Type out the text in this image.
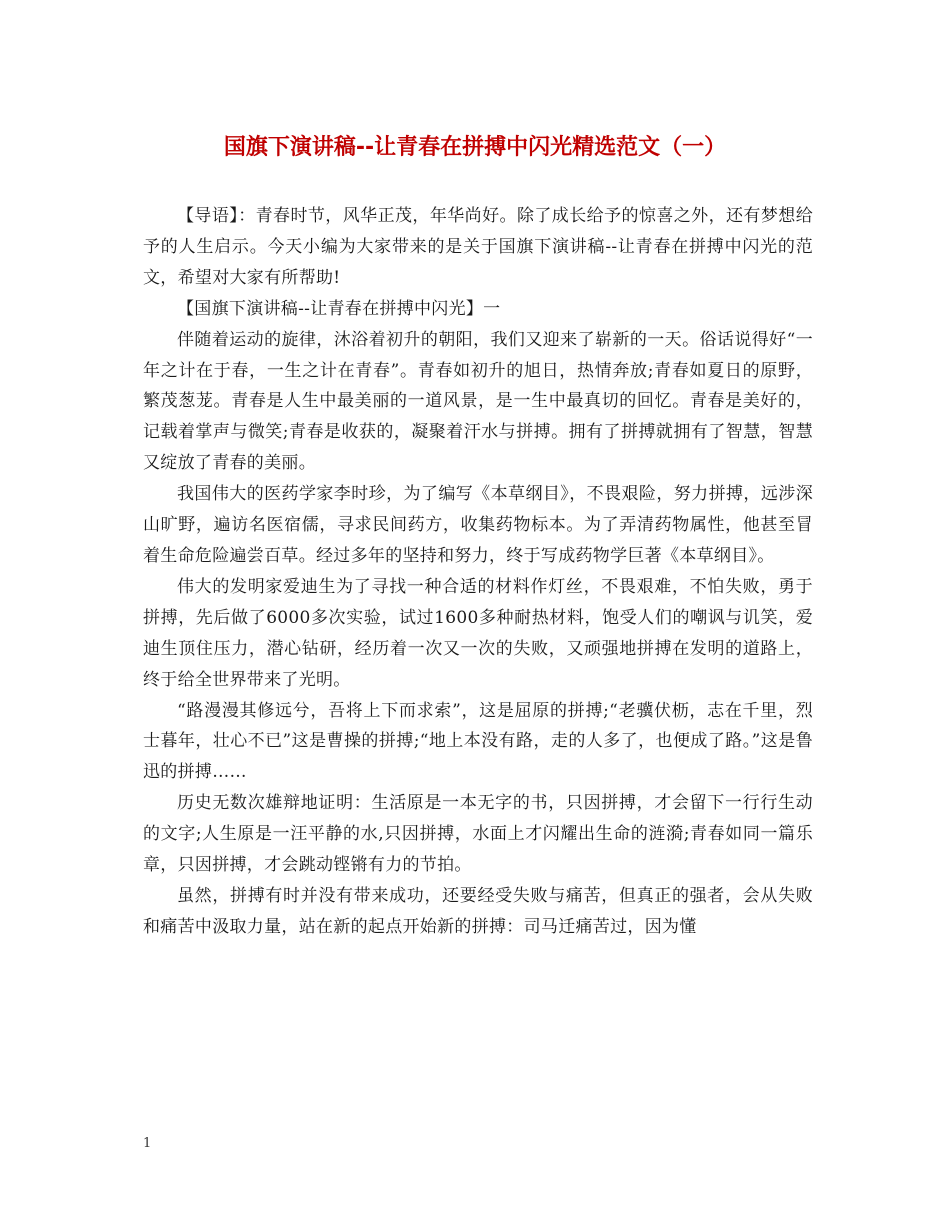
国旗下演讲稿--让青春在拼搏中闪光精选范文（一）

【导语】：青春时节，风华正茂，年华尚好。除了成长给予的惊喜之外，还有梦想给予的人生启示。今天小编为大家带来的是关于国旗下演讲稿--让青春在拼搏中闪光的范文，希望对大家有所帮助!

【国旗下演讲稿--让青春在拼搏中闪光】一

伴随着运动的旋律，沐浴着初升的朝阳，我们又迎来了崭新的一天。俗话说得好“一年之计在于春，一生之计在青春”。青春如初升的旭日，热情奔放;青春如夏日的原野，繁茂葱茏。青春是人生中最美丽的一道风景，是一生中最真切的回忆。青春是美好的，记载着掌声与微笑;青春是收获的，凝聚着汗水与拼搏。拥有了拼搏就拥有了智慧，智慧又绽放了青春的美丽。

我国伟大的医药学家李时珍，为了编写《本草纲目》，不畏艰险，努力拼搏，远涉深山旷野，遍访名医宿儒，寻求民间药方，收集药物标本。为了弄清药物属性，他甚至冒着生命危险遍尝百草。经过多年的坚持和努力，终于写成药物学巨著《本草纲目》。

伟大的发明家爱迪生为了寻找一种合适的材料作灯丝，不畏艰难，不怕失败，勇于拼搏，先后做了6000多次实验，试过1600多种耐热材料，饱受人们的嘲讽与讥笑，爱迪生顶住压力，潜心钻研，经历着一次又一次的失败，又顽强地拼搏在发明的道路上，终于给全世界带来了光明。

“路漫漫其修远兮，吾将上下而求索”，这是屈原的拼搏;“老骥伏枥，志在千里，烈士暮年，壮心不已”这是曹操的拼搏;“地上本没有路，走的人多了，也便成了路。”这是鲁迅的拼搏……

历史无数次雄辩地证明：生活原是一本无字的书，只因拼搏，才会留下一行行生动的文字;人生原是一汪平静的水,只因拼搏，水面上才闪耀出生命的涟漪;青春如同一篇乐章，只因拼搏，才会跳动铿锵有力的节拍。

虽然，拼搏有时并没有带来成功，还要经受失败与痛苦，但真正的强者，会从失败和痛苦中汲取力量，站在新的起点开始新的拼搏：司马迁痛苦过，因为懂

1
